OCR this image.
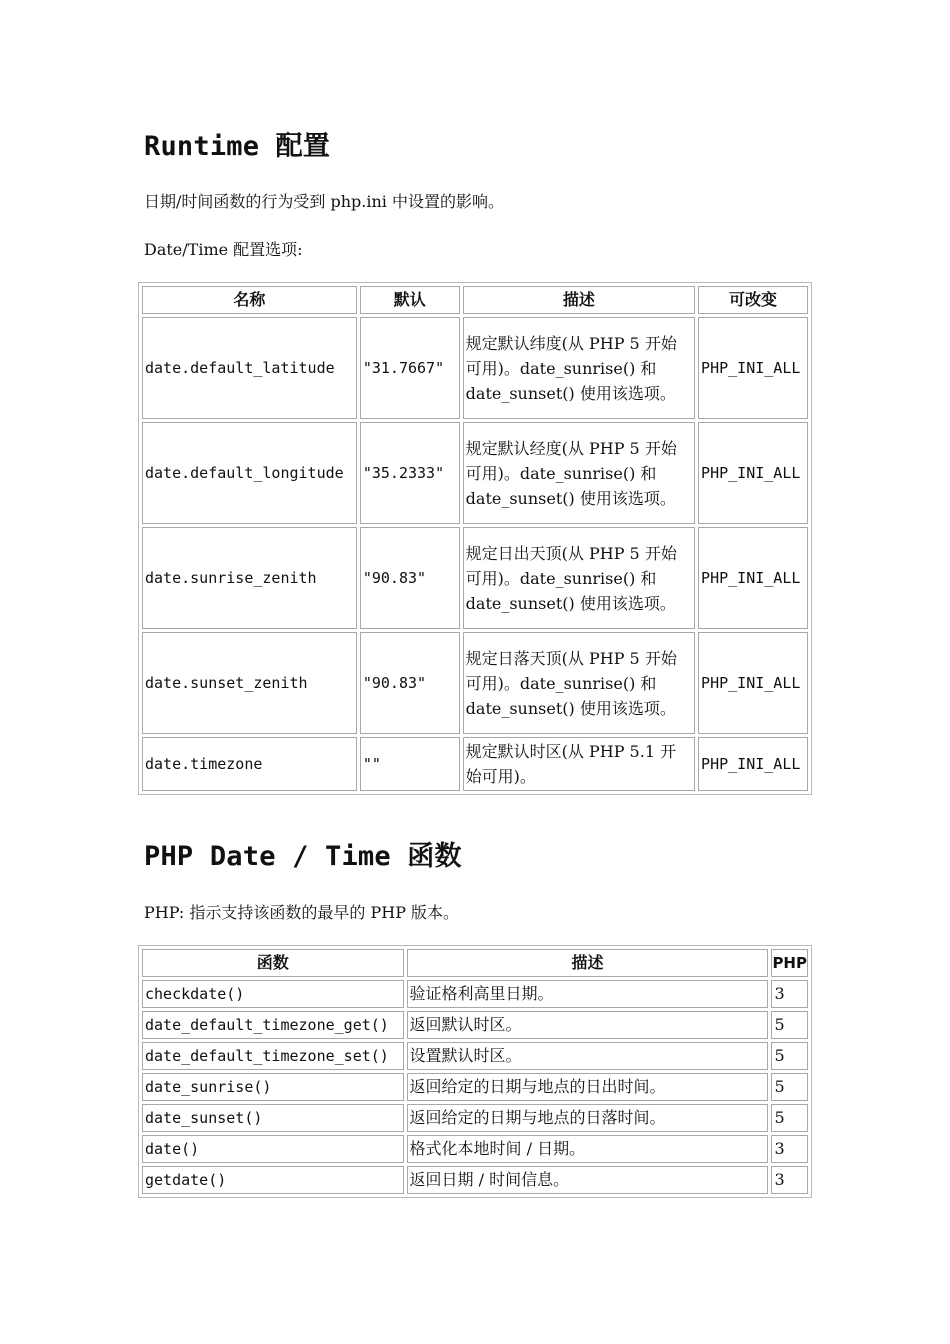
Runtime 配置

日期/时间函数的行为受到 php.ini 中设置的影响。

Date/Time 配置选项:

名称	默认	描述	可改变
date.default_latitude	"31.7667"	规定默认纬度(从 PHP 5 开始可用)。date_sunrise() 和 date_sunset() 使用该选项。	PHP_INI_ALL
date.default_longitude	"35.2333"	规定默认经度(从 PHP 5 开始可用)。date_sunrise() 和 date_sunset() 使用该选项。	PHP_INI_ALL
date.sunrise_zenith	"90.83"	规定日出天顶(从 PHP 5 开始可用)。date_sunrise() 和 date_sunset() 使用该选项。	PHP_INI_ALL
date.sunset_zenith	"90.83"	规定日落天顶(从 PHP 5 开始可用)。date_sunrise() 和 date_sunset() 使用该选项。	PHP_INI_ALL
date.timezone	""	规定默认时区(从 PHP 5.1 开始可用)。	PHP_INI_ALL
PHP Date / Time 函数

PHP: 指示支持该函数的最早的 PHP 版本。

函数	描述	PHP
checkdate()	验证格利高里日期。	3
date_default_timezone_get()	返回默认时区。	5
date_default_timezone_set()	设置默认时区。	5
date_sunrise()	返回给定的日期与地点的日出时间。	5
date_sunset()	返回给定的日期与地点的日落时间。	5
date()	格式化本地时间 / 日期。	3
getdate()	返回日期 / 时间信息。	3
